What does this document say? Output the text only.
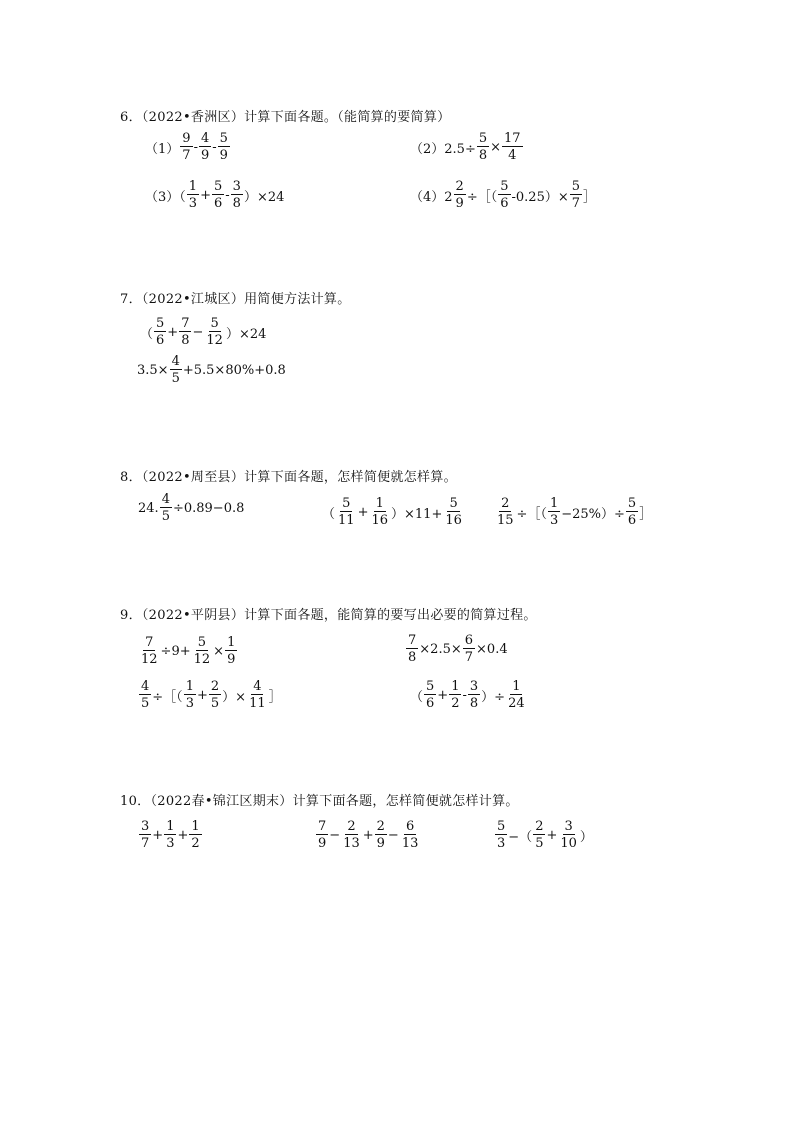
6．（2022•香洲区）计算下面各题。（能简算的要简算）
$(1) \frac{9}{7} - \frac{4}{9} - \frac{5}{9}$	$(2)2.5\div \frac{5}{8} \times \frac{17}{4}$
$(3)( \frac{1}{3} + \frac{5}{6} - \frac{3}{8} )\times 24$	$(4)2 \frac{2}{9}$ ÷［（ $\frac{5}{6} -0.25)\times \frac{5}{7}$ ］
7．（2022•江城区）用简便方法计算。
（ $\frac{5}{6} + \frac{7}{8} - \frac{5}{12} )\times 24$
$3.5\times \frac{4}{5} +5.5\times 80\%+0.8$
8．（2022•周至县）计算下面各题，怎样简便就怎样算。
24. $\frac{4}{5} \div 0.89-0.8$	（ $\frac{5}{11} + \frac{1}{16} )\times 11+ \frac{5}{16} \frac{2}{15}$ ÷［（ $\frac{1}{3} -25\%)\div \frac{5}{6}$ ］
9．（2022•平阴县）计算下面各题，能简算的要写出必要的简算过程。
$\frac{7}{12} \div 9+ \frac{5}{12} \times \frac{1}{9}$	$\frac{7}{8} \times 2.5\times \frac{6}{7} \times 0.4$
$\frac{4}{5}$ ÷［（ $\frac{1}{3} + \frac{2}{5}$ ）× $\frac{4}{11}$ ］	（ $\frac{5}{6} + \frac{1}{2} - \frac{3}{8}$ ）÷ $\frac{1}{24}$
10．（2022春•锦江区期末）计算下面各题，怎样简便就怎样计算。
$\frac{3}{7} + \frac{1}{3} + \frac{1}{2}$	$\frac{7}{9} - \frac{2}{13} + \frac{2}{9} - \frac{6}{13}$	$\frac{5}{3}$ −（ $\frac{2}{5} + \frac{3}{10}$ ）
